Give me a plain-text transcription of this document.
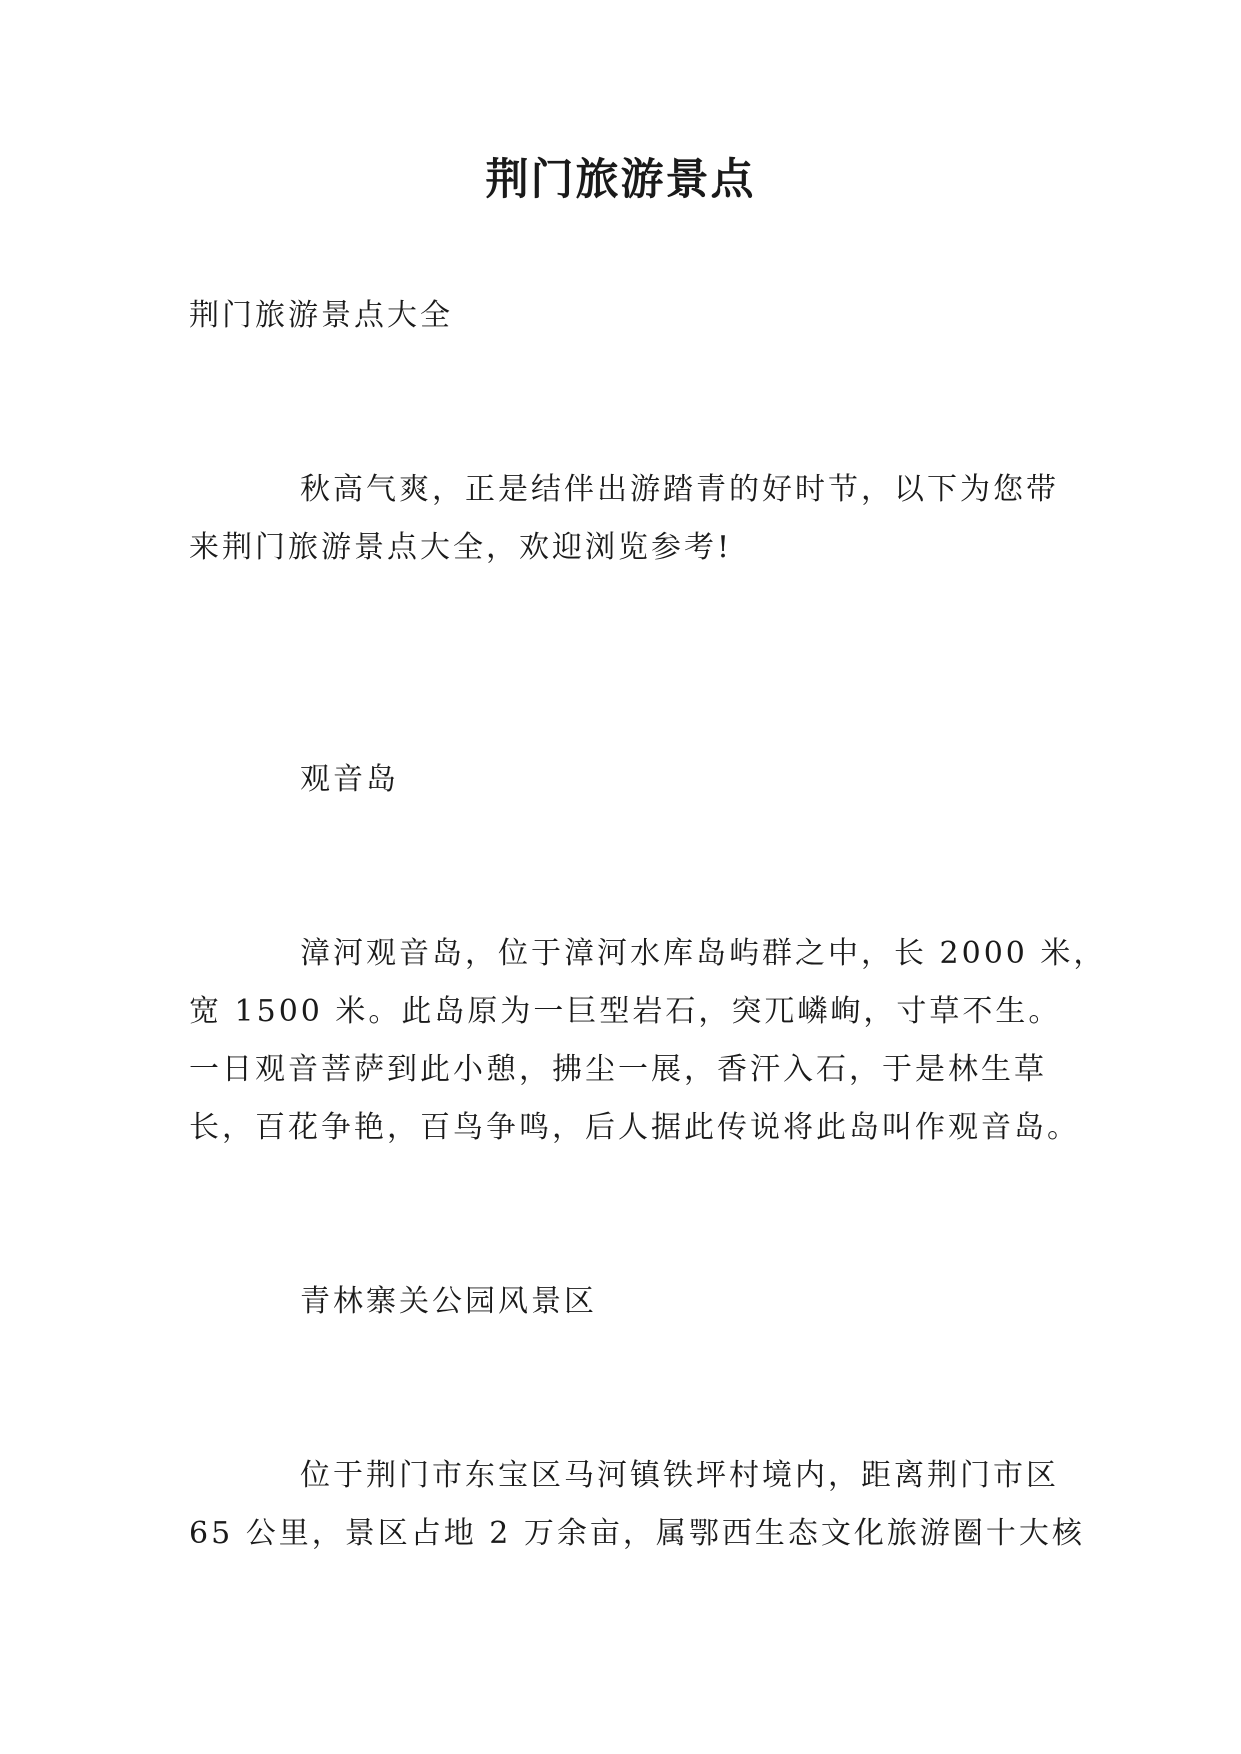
荆门旅游景点
荆门旅游景点大全
秋高气爽，正是结伴出游踏青的好时节，以下为您带
来荆门旅游景点大全，欢迎浏览参考!
观音岛
漳河观音岛，位于漳河水库岛屿群之中，长 2000 米，
宽 1500 米。此岛原为一巨型岩石，突兀嶙峋，寸草不生。
一日观音菩萨到此小憩，拂尘一展，香汗入石，于是林生草
长，百花争艳，百鸟争鸣，后人据此传说将此岛叫作观音岛。
青林寨关公园风景区
位于荆门市东宝区马河镇铁坪村境内，距离荆门市区
65 公里，景区占地 2 万余亩，属鄂西生态文化旅游圈十大核
